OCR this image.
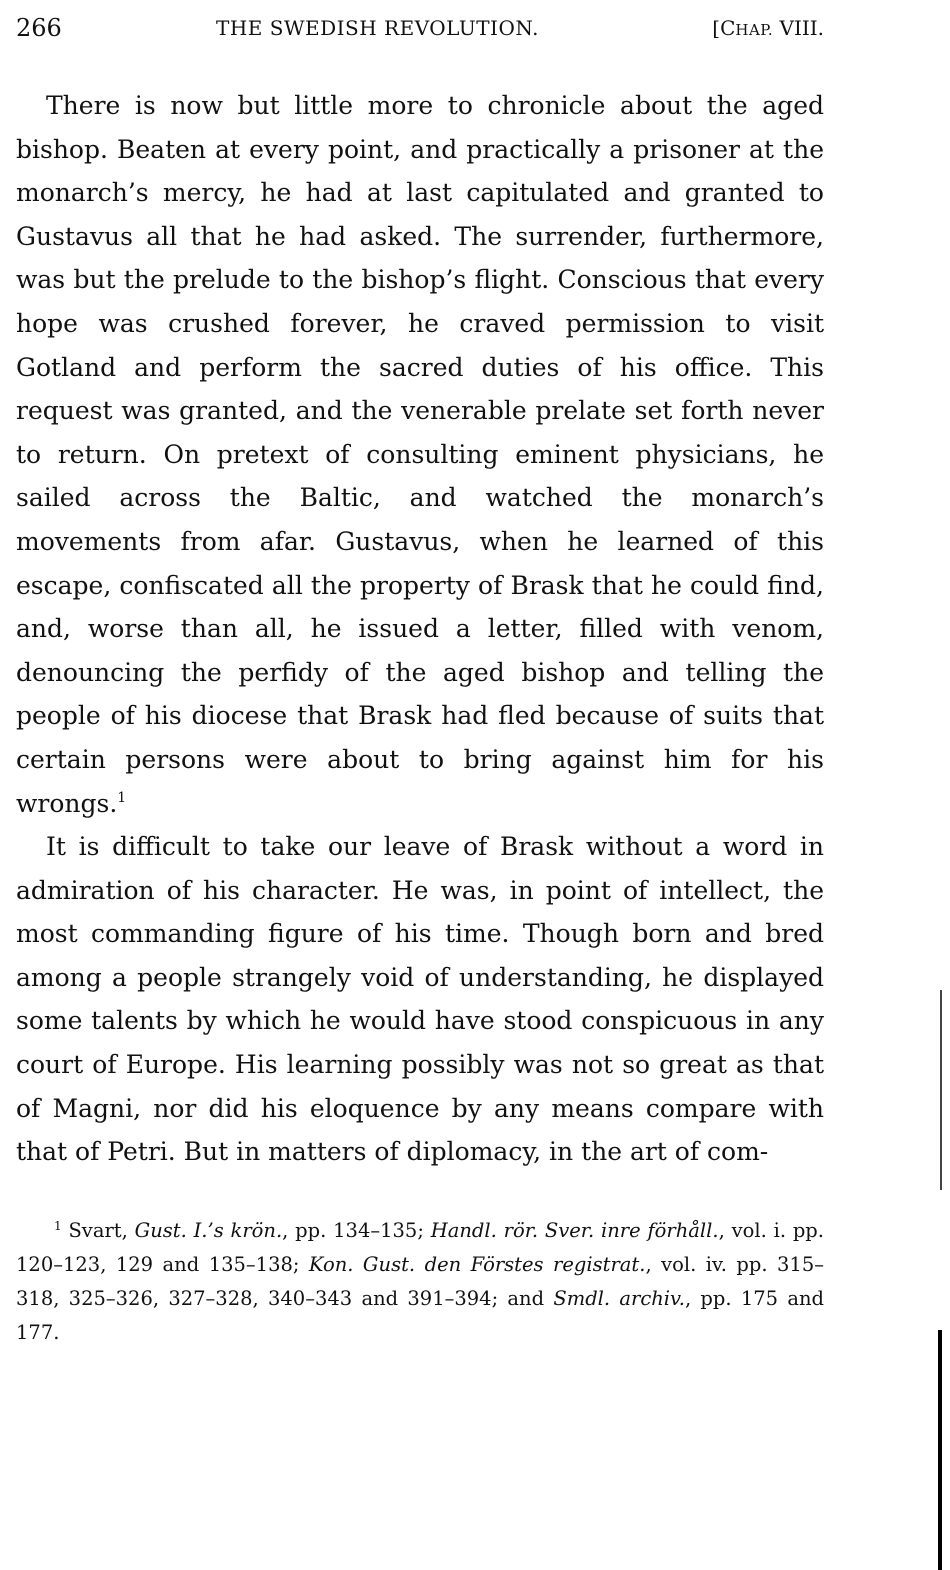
266	THE SWEDISH REVOLUTION.	[CHAP. VIII.

There is now but little more to chronicle about the aged bishop. Beaten at every point, and practically a prisoner at the monarch’s mercy, he had at last capitulated and granted to Gustavus all that he had asked. The surrender, furthermore, was but the prelude to the bishop’s flight. Conscious that every hope was crushed forever, he craved permission to visit Gotland and perform the sacred duties of his office. This request was granted, and the venerable prelate set forth never to return. On pretext of consulting eminent physicians, he sailed across the Baltic, and watched the monarch’s movements from afar. Gustavus, when he learned of this escape, confiscated all the property of Brask that he could find, and, worse than all, he issued a letter, filled with venom, denouncing the perfidy of the aged bishop and telling the people of his diocese that Brask had fled because of suits that certain persons were about to bring against him for his wrongs.$^1$

It is difficult to take our leave of Brask without a word in admiration of his character. He was, in point of intellect, the most commanding figure of his time. Though born and bred among a people strangely void of understanding, he displayed some talents by which he would have stood conspicuous in any court of Europe. His learning possibly was not so great as that of Magni, nor did his eloquence by any means compare with that of Petri. But in matters of diplomacy, in the art of com-

$^1$ Svart, Gust. I.’s krön., pp. 134–135; Handl. rör. Sver. inre förhåll., vol. i. pp. 120–123, 129 and 135–138; Kon. Gust. den Förstes registrat., vol. iv. pp. 315–318, 325–326, 327–328, 340–343 and 391–394; and Smdl. archiv., pp. 175 and 177.
